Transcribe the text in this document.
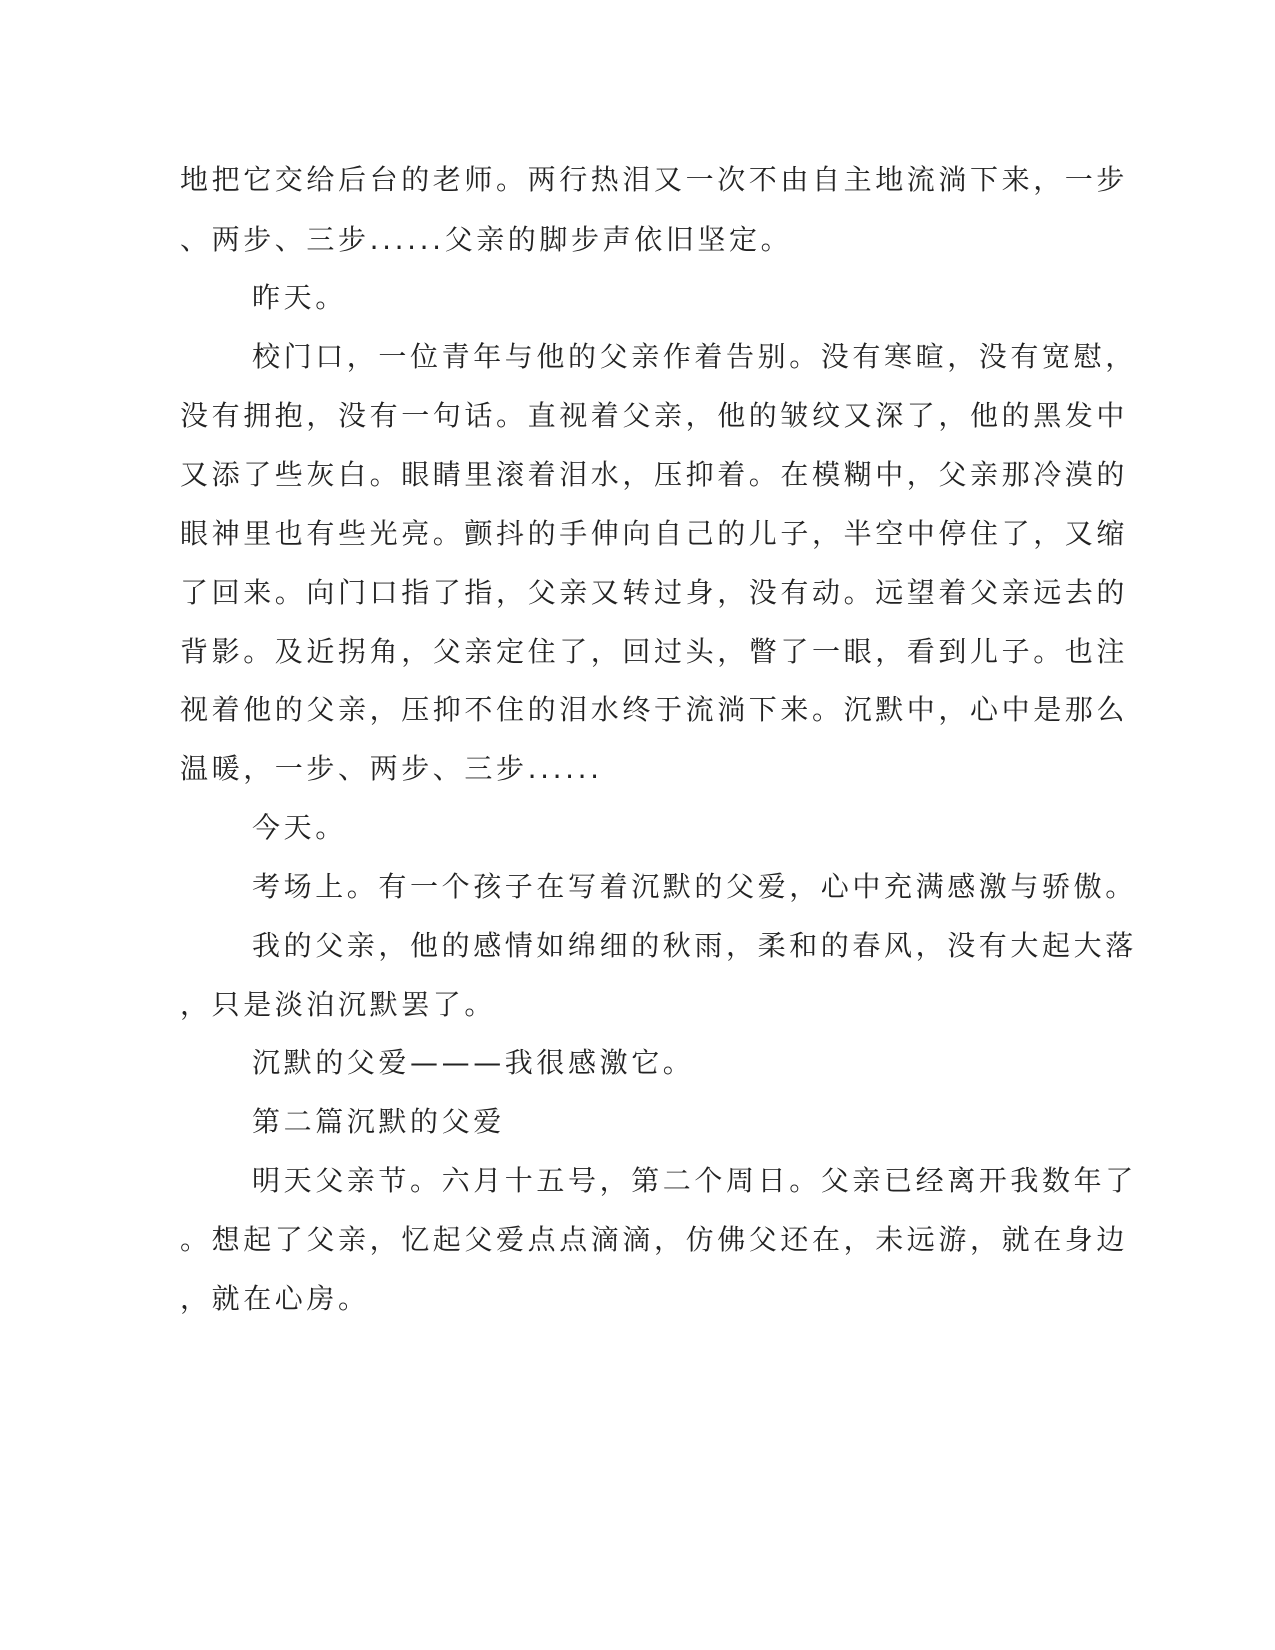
地把它交给后台的老师。两行热泪又一次不由自主地流淌下来，一步
、两步、三步......父亲的脚步声依旧坚定。
昨天。
校门口，一位青年与他的父亲作着告别。没有寒暄，没有宽慰，
没有拥抱，没有一句话。直视着父亲，他的皱纹又深了，他的黑发中
又添了些灰白。眼睛里滚着泪水，压抑着。在模糊中，父亲那冷漠的
眼神里也有些光亮。颤抖的手伸向自己的儿子，半空中停住了，又缩
了回来。向门口指了指，父亲又转过身，没有动。远望着父亲远去的
背影。及近拐角，父亲定住了，回过头，瞥了一眼，看到儿子。也注
视着他的父亲，压抑不住的泪水终于流淌下来。沉默中，心中是那么
温暖，一步、两步、三步......
今天。
考场上。有一个孩子在写着沉默的父爱，心中充满感激与骄傲。
我的父亲，他的感情如绵细的秋雨，柔和的春风，没有大起大落
，只是淡泊沉默罢了。
沉默的父爱———我很感激它。
第二篇沉默的父爱
明天父亲节。六月十五号，第二个周日。父亲已经离开我数年了
。想起了父亲，忆起父爱点点滴滴，仿佛父还在，未远游，就在身边
，就在心房。
